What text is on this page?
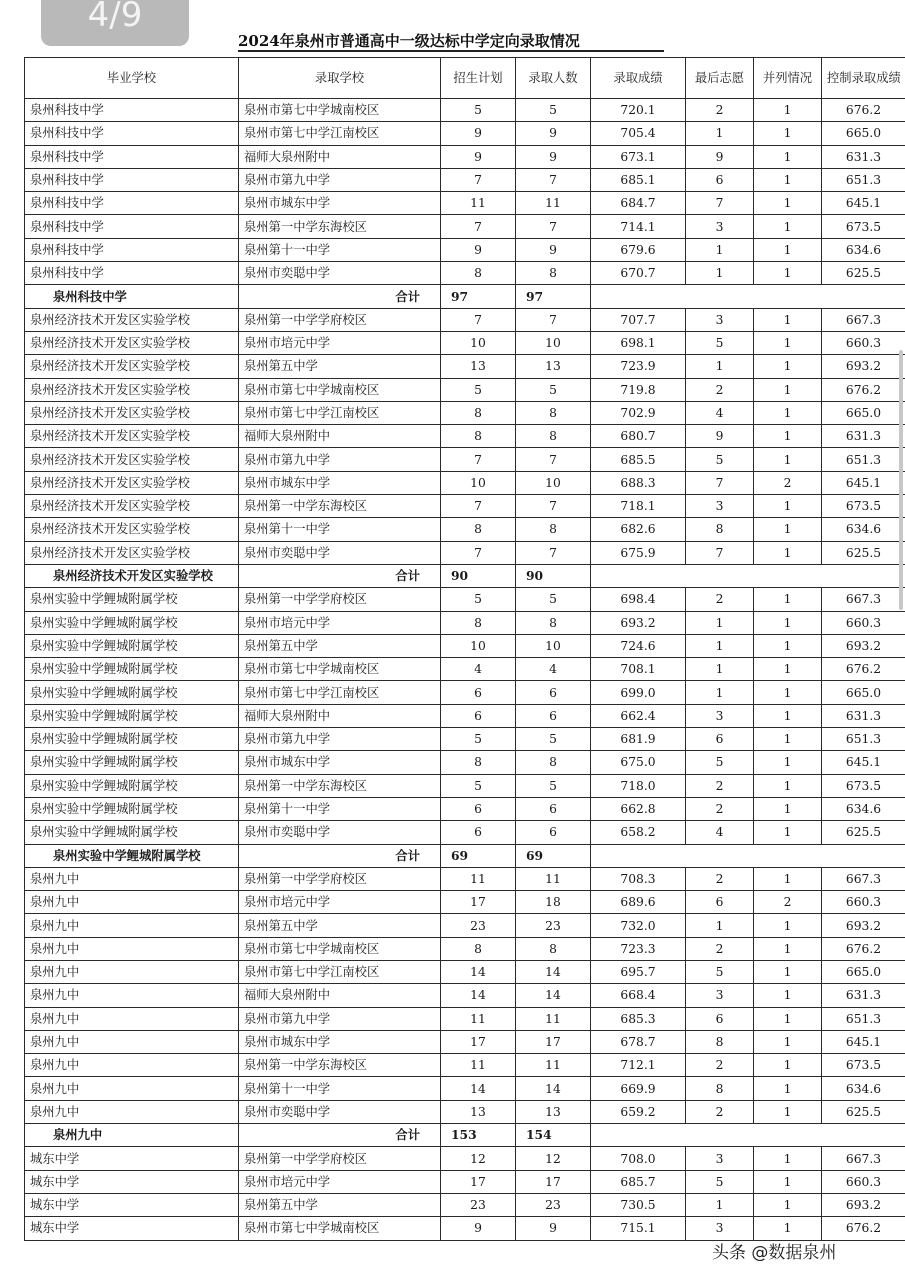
4/9
2024年泉州市普通高中一级达标中学定向录取情况
毕业学校	录取学校	招生计划	录取人数	录取成绩	最后志愿	并列情况	控制录取成绩
泉州科技中学	泉州市第七中学城南校区	5	5	720.1	2	1	676.2
泉州科技中学	泉州市第七中学江南校区	9	9	705.4	1	1	665.0
泉州科技中学	福师大泉州附中	9	9	673.1	9	1	631.3
泉州科技中学	泉州市第九中学	7	7	685.1	6	1	651.3
泉州科技中学	泉州市城东中学	11	11	684.7	7	1	645.1
泉州科技中学	泉州第一中学东海校区	7	7	714.1	3	1	673.5
泉州科技中学	泉州第十一中学	9	9	679.6	1	1	634.6
泉州科技中学	泉州市奕聪中学	8	8	670.7	1	1	625.5
泉州科技中学	合计	97	97				
泉州经济技术开发区实验学校	泉州第一中学学府校区	7	7	707.7	3	1	667.3
泉州经济技术开发区实验学校	泉州市培元中学	10	10	698.1	5	1	660.3
泉州经济技术开发区实验学校	泉州第五中学	13	13	723.9	1	1	693.2
泉州经济技术开发区实验学校	泉州市第七中学城南校区	5	5	719.8	2	1	676.2
泉州经济技术开发区实验学校	泉州市第七中学江南校区	8	8	702.9	4	1	665.0
泉州经济技术开发区实验学校	福师大泉州附中	8	8	680.7	9	1	631.3
泉州经济技术开发区实验学校	泉州市第九中学	7	7	685.5	5	1	651.3
泉州经济技术开发区实验学校	泉州市城东中学	10	10	688.3	7	2	645.1
泉州经济技术开发区实验学校	泉州第一中学东海校区	7	7	718.1	3	1	673.5
泉州经济技术开发区实验学校	泉州第十一中学	8	8	682.6	8	1	634.6
泉州经济技术开发区实验学校	泉州市奕聪中学	7	7	675.9	7	1	625.5
泉州经济技术开发区实验学校	合计	90	90				
泉州实验中学鲤城附属学校	泉州第一中学学府校区	5	5	698.4	2	1	667.3
泉州实验中学鲤城附属学校	泉州市培元中学	8	8	693.2	1	1	660.3
泉州实验中学鲤城附属学校	泉州第五中学	10	10	724.6	1	1	693.2
泉州实验中学鲤城附属学校	泉州市第七中学城南校区	4	4	708.1	1	1	676.2
泉州实验中学鲤城附属学校	泉州市第七中学江南校区	6	6	699.0	1	1	665.0
泉州实验中学鲤城附属学校	福师大泉州附中	6	6	662.4	3	1	631.3
泉州实验中学鲤城附属学校	泉州市第九中学	5	5	681.9	6	1	651.3
泉州实验中学鲤城附属学校	泉州市城东中学	8	8	675.0	5	1	645.1
泉州实验中学鲤城附属学校	泉州第一中学东海校区	5	5	718.0	2	1	673.5
泉州实验中学鲤城附属学校	泉州第十一中学	6	6	662.8	2	1	634.6
泉州实验中学鲤城附属学校	泉州市奕聪中学	6	6	658.2	4	1	625.5
泉州实验中学鲤城附属学校	合计	69	69				
泉州九中	泉州第一中学学府校区	11	11	708.3	2	1	667.3
泉州九中	泉州市培元中学	17	18	689.6	6	2	660.3
泉州九中	泉州第五中学	23	23	732.0	1	1	693.2
泉州九中	泉州市第七中学城南校区	8	8	723.3	2	1	676.2
泉州九中	泉州市第七中学江南校区	14	14	695.7	5	1	665.0
泉州九中	福师大泉州附中	14	14	668.4	3	1	631.3
泉州九中	泉州市第九中学	11	11	685.3	6	1	651.3
泉州九中	泉州市城东中学	17	17	678.7	8	1	645.1
泉州九中	泉州第一中学东海校区	11	11	712.1	2	1	673.5
泉州九中	泉州第十一中学	14	14	669.9	8	1	634.6
泉州九中	泉州市奕聪中学	13	13	659.2	2	1	625.5
泉州九中	合计	153	154				
城东中学	泉州第一中学学府校区	12	12	708.0	3	1	667.3
城东中学	泉州市培元中学	17	17	685.7	5	1	660.3
城东中学	泉州第五中学	23	23	730.5	1	1	693.2
城东中学	泉州市第七中学城南校区	9	9	715.1	3	1	676.2
头条 @数据泉州
